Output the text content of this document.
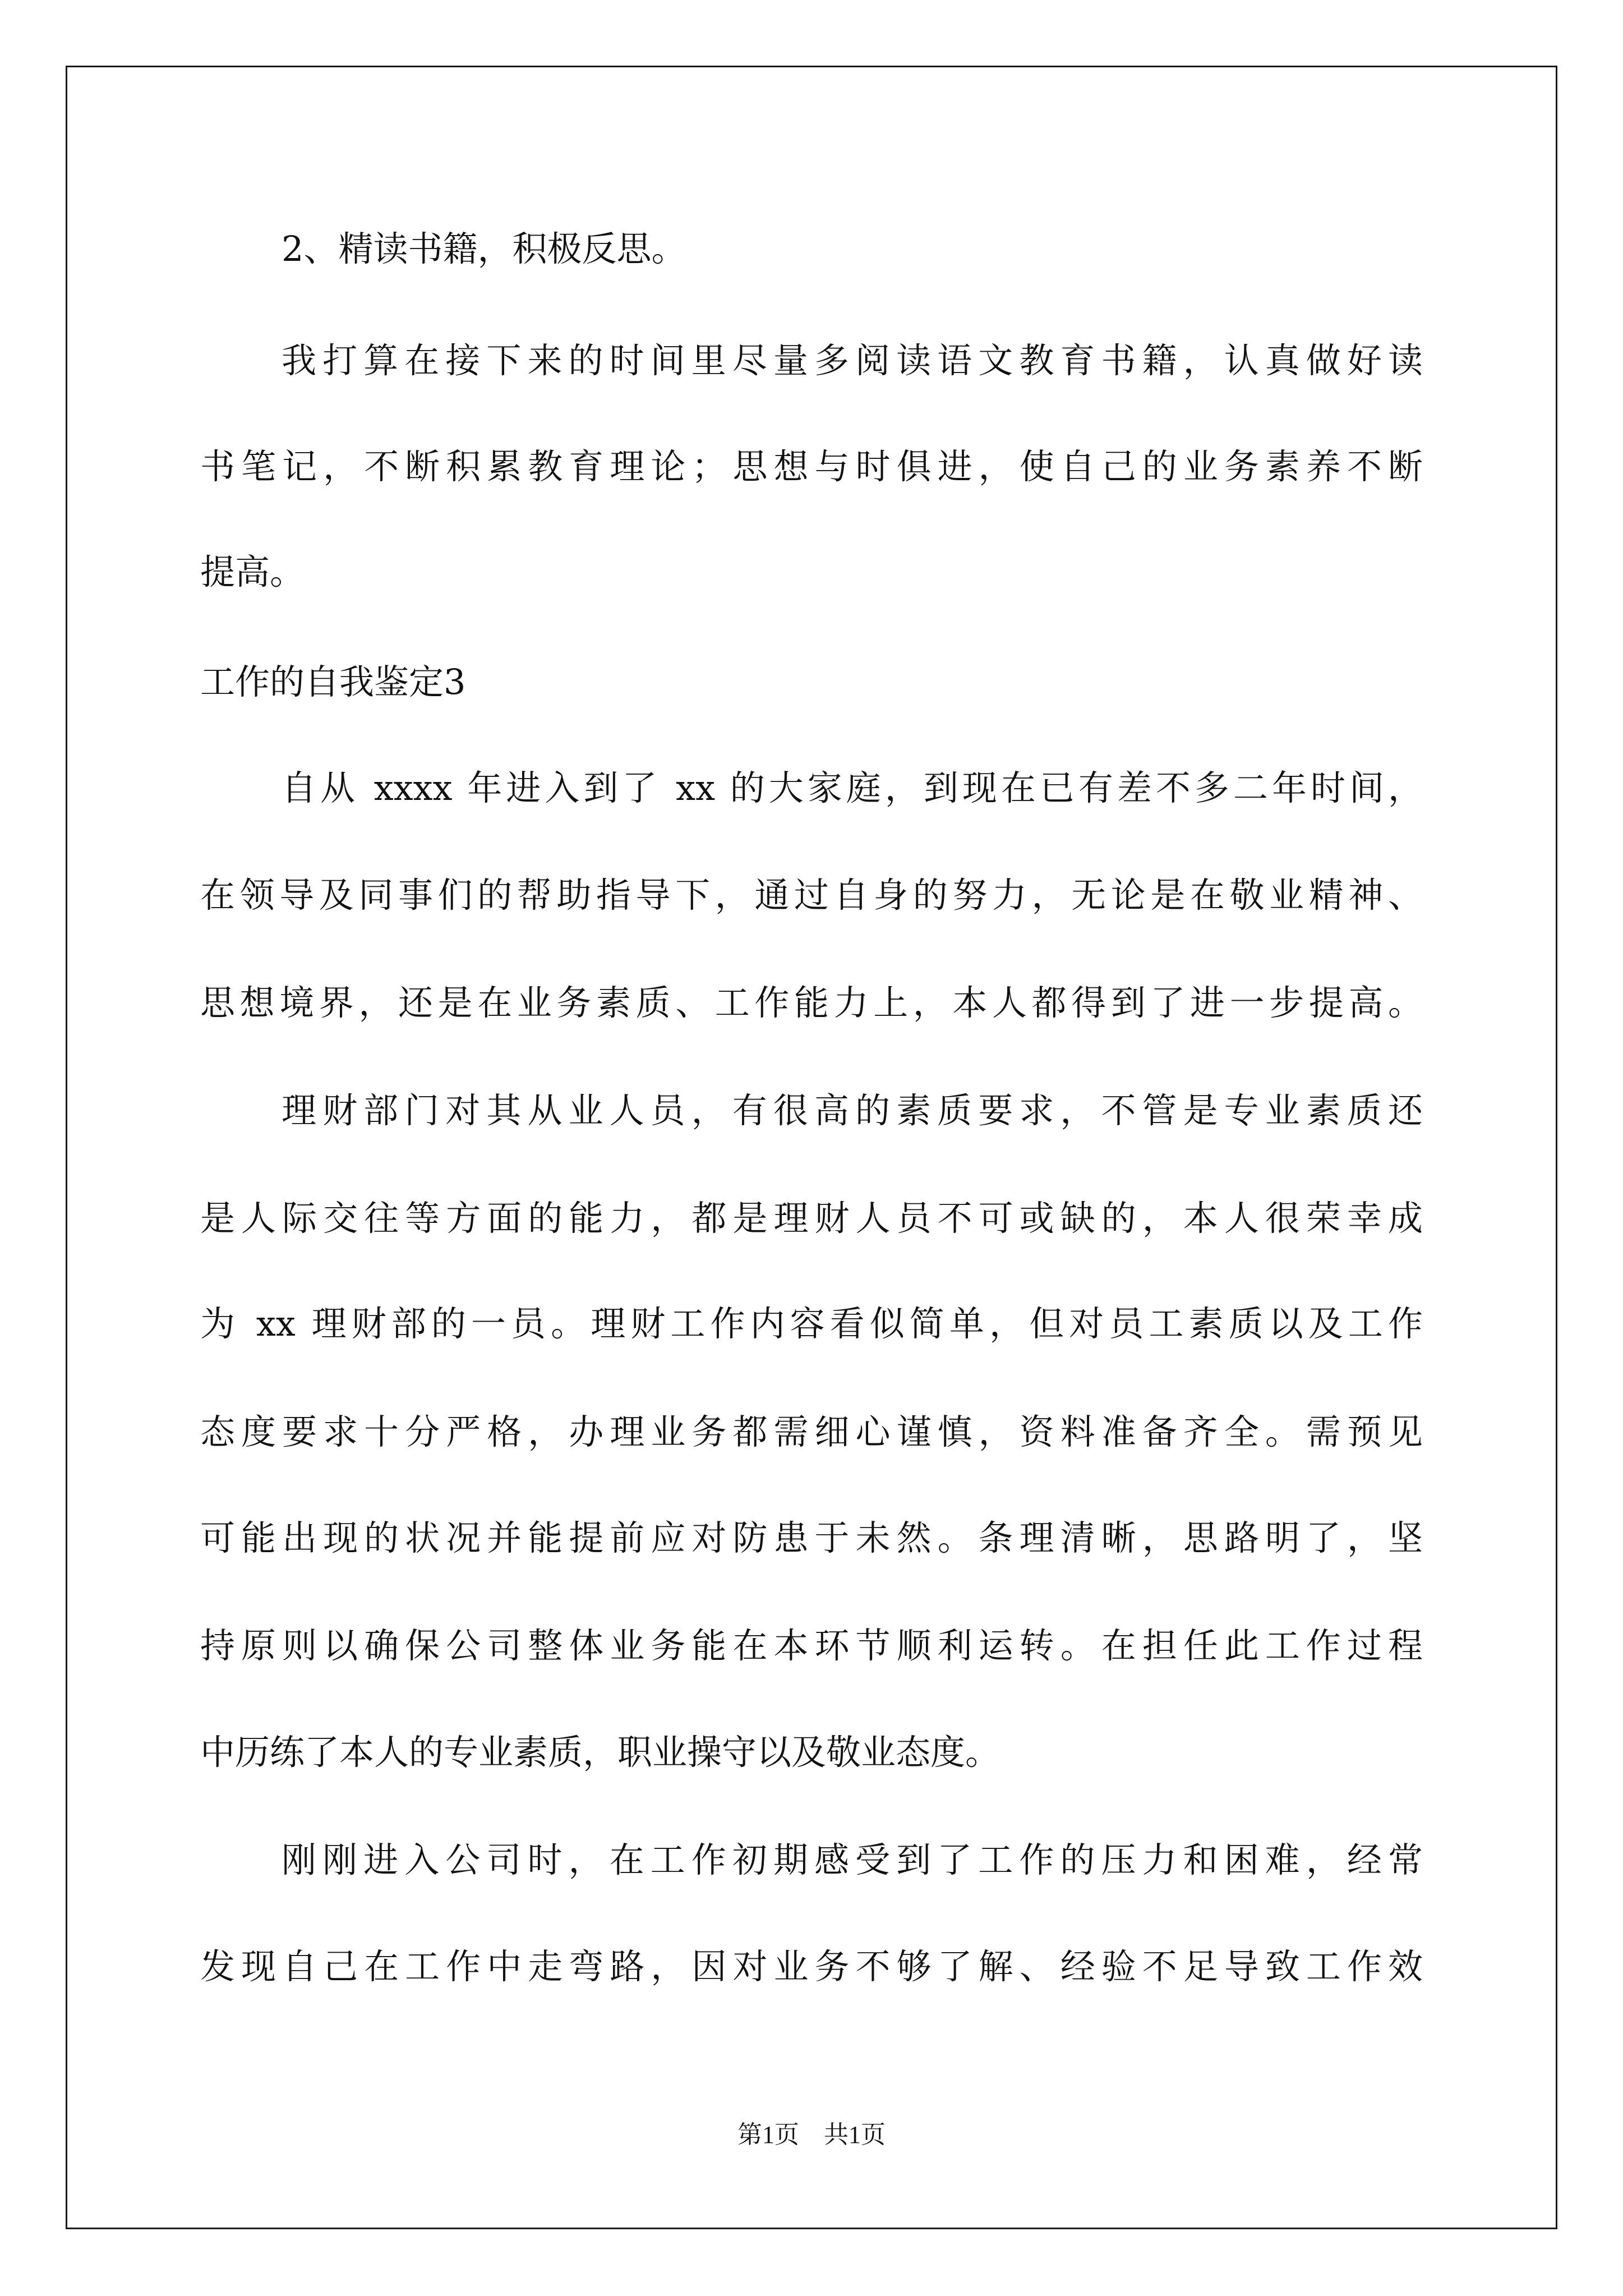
2、精读书籍，积极反思。
我打算在接下来的时间里尽量多阅读语文教育书籍，认真做好读
书笔记，不断积累教育理论；思想与时俱进，使自己的业务素养不断
提高。
工作的自我鉴定3
自从 xxxx 年进入到了 xx 的大家庭，到现在已有差不多二年时间，
在领导及同事们的帮助指导下，通过自身的努力，无论是在敬业精神、
思想境界，还是在业务素质、工作能力上，本人都得到了进一步提高。
理财部门对其从业人员，有很高的素质要求，不管是专业素质还
是人际交往等方面的能力，都是理财人员不可或缺的，本人很荣幸成
为 xx 理财部的一员。理财工作内容看似简单，但对员工素质以及工作
态度要求十分严格，办理业务都需细心谨慎，资料准备齐全。需预见
可能出现的状况并能提前应对防患于未然。条理清晰，思路明了，坚
持原则以确保公司整体业务能在本环节顺利运转。在担任此工作过程
中历练了本人的专业素质，职业操守以及敬业态度。
刚刚进入公司时，在工作初期感受到了工作的压力和困难，经常
发现自己在工作中走弯路，因对业务不够了解、经验不足导致工作效
第1页　共1页
